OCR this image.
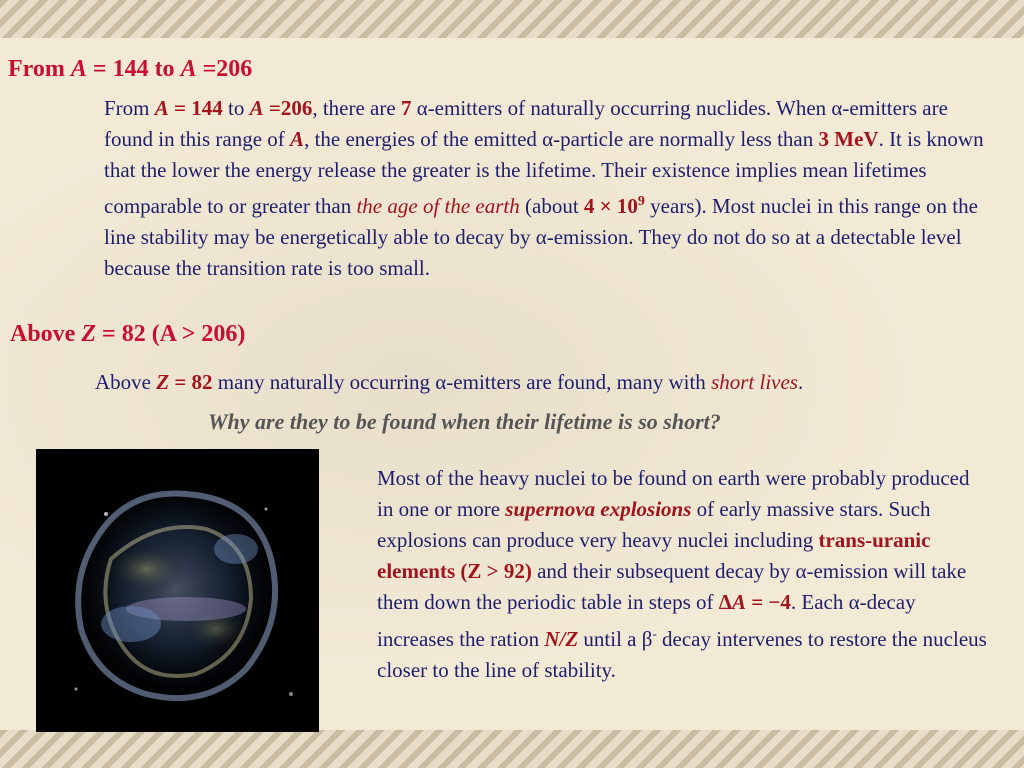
From A = 144 to A =206
From A = 144 to A =206, there are 7 α-emitters of naturally occurring nuclides. When α-emitters are found in this range of A, the energies of the emitted α-particle are normally less than 3 MeV. It is known that the lower the energy release the greater is the lifetime. Their existence implies mean lifetimes comparable to or greater than the age of the earth (about $4 \times 10^9$ years). Most nuclei in this range on the line stability may be energetically able to decay by α-emission. They do not do so at a detectable level because the transition rate is too small.
Above Z = 82 (A > 206)
Above Z = 82 many naturally occurring α-emitters are found, many with short lives.
Why are they to be found when their lifetime is so short?
Most of the heavy nuclei to be found on earth were probably produced in one or more supernova explosions of early massive stars. Such explosions can produce very heavy nuclei including trans-uranic elements (Z > 92) and their subsequent decay by α-emission will take them down the periodic table in steps of ΔA = −4. Each α-decay increases the ration N/Z until a β- decay intervenes to restore the nucleus closer to the line of stability.
